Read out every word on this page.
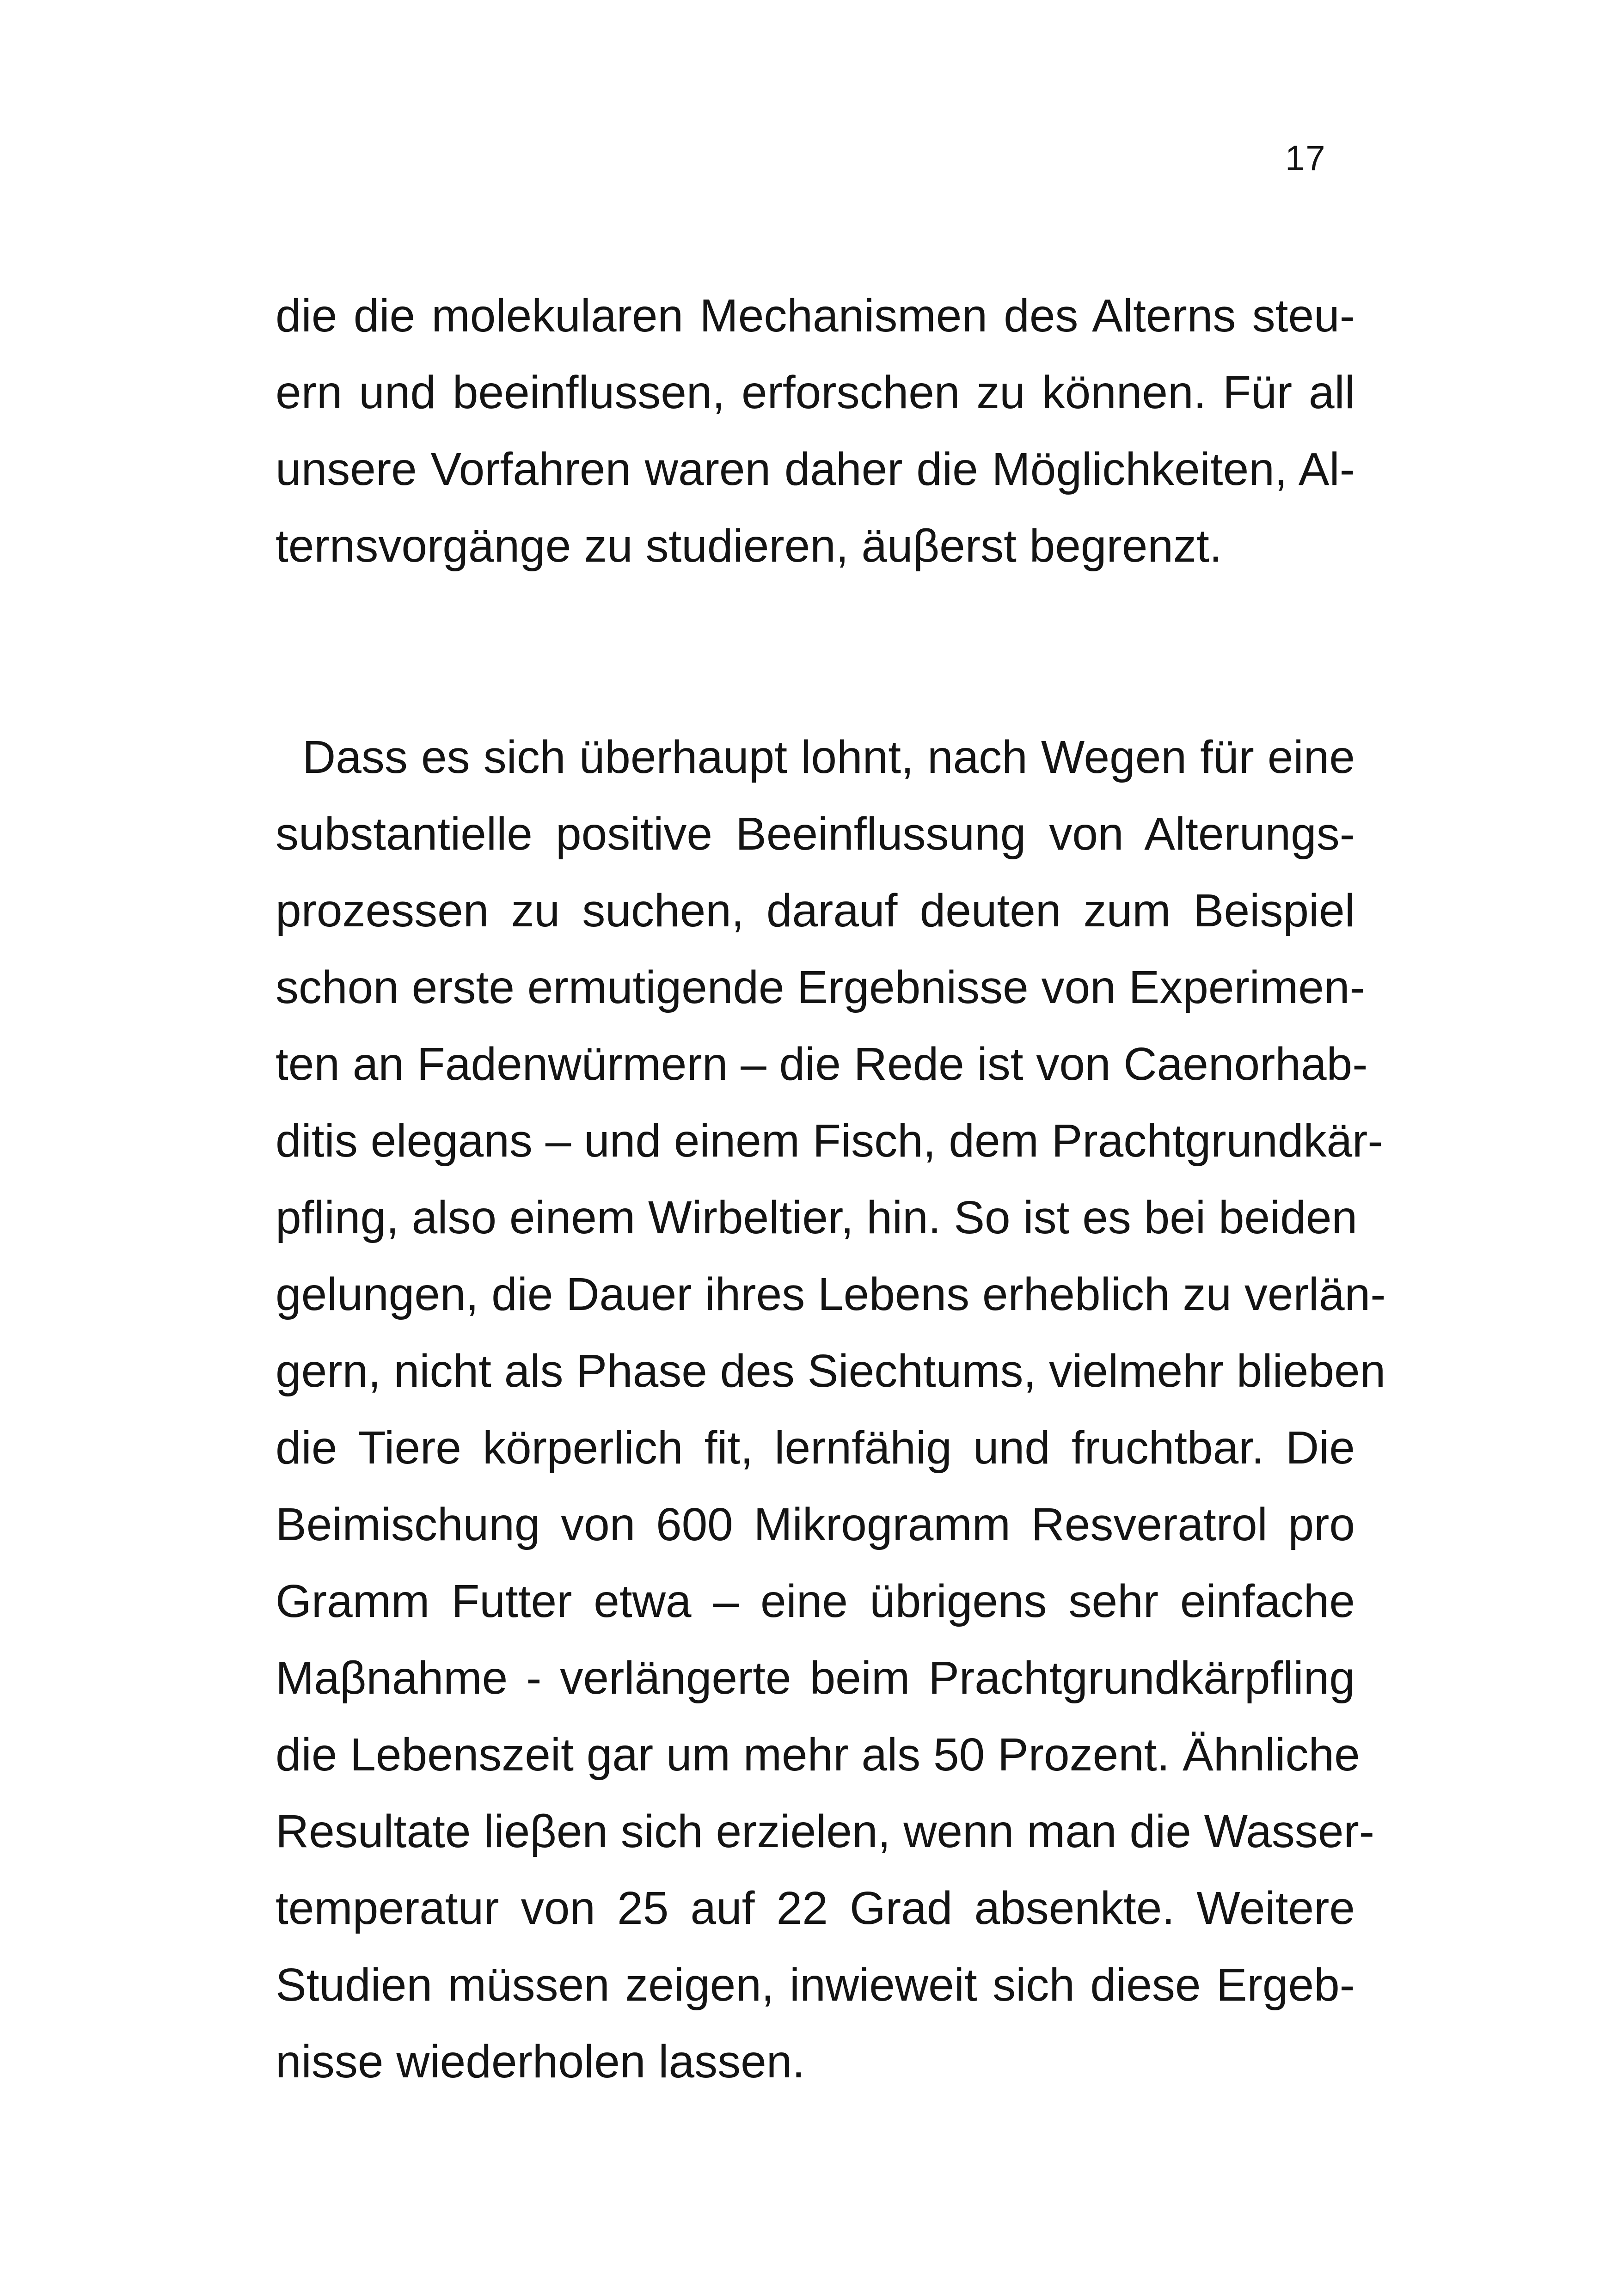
17
die die molekularen Mechanismen des Alterns steu-
ern und beeinflussen, erforschen zu können. Für all
unsere Vorfahren waren daher die Möglichkeiten, Al-
ternsvorgänge zu studieren, äuβerst begrenzt.
Dass es sich überhaupt lohnt, nach Wegen für eine
substantielle positive Beeinflussung von Alterungs-
prozessen zu suchen, darauf deuten zum Beispiel
schon erste ermutigende Ergebnisse von Experimen-
ten an Fadenwürmern – die Rede ist von Caenorhab-
ditis elegans – und einem Fisch, dem Prachtgrundkär-
pfling, also einem Wirbeltier, hin. So ist es bei beiden
gelungen, die Dauer ihres Lebens erheblich zu verlän-
gern, nicht als Phase des Siechtums, vielmehr blieben
die Tiere körperlich fit, lernfähig und fruchtbar. Die
Beimischung von 600 Mikrogramm Resveratrol pro
Gramm Futter etwa – eine übrigens sehr einfache
Maβnahme - verlängerte beim Prachtgrundkärpfling
die Lebenszeit gar um mehr als 50 Prozent. Ähnliche
Resultate lieβen sich erzielen, wenn man die Wasser-
temperatur von 25 auf 22 Grad absenkte. Weitere
Studien müssen zeigen, inwieweit sich diese Ergeb-
nisse wiederholen lassen.
